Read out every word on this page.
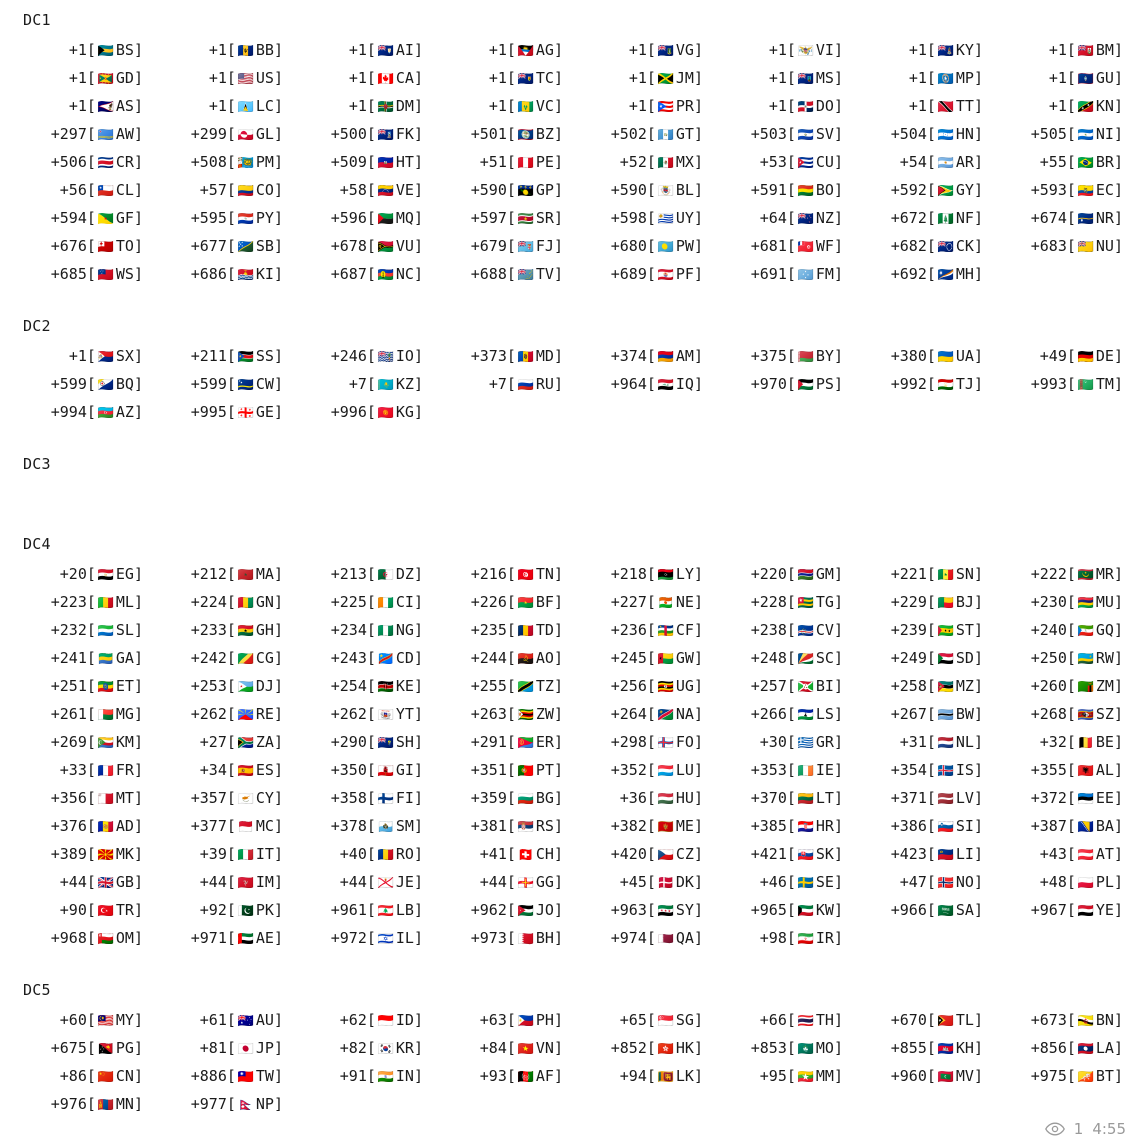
DC1
+1[ 🇧🇸 BS]	+1[ 🇧🇧 BB]	+1[ 🇦🇮 AI]	+1[ 🇦🇬 AG]	+1[ 🇻🇬 VG]	+1[ 🇻🇮 VI]	+1[ 🇰🇾 KY]	+1[ 🇧🇲 BM]
+1[ 🇬🇩 GD]	+1[ 🇺🇸 US]	+1[ 🇨🇦 CA]	+1[ 🇹🇨 TC]	+1[ 🇯🇲 JM]	+1[ 🇲🇸 MS]	+1[ 🇲🇵 MP]	+1[ 🇬🇺 GU]
+1[ 🇦🇸 AS]	+1[ 🇱🇨 LC]	+1[ 🇩🇲 DM]	+1[ 🇻🇨 VC]	+1[ 🇵🇷 PR]	+1[ 🇩🇴 DO]	+1[ 🇹🇹 TT]	+1[ 🇰🇳 KN]
+297[ 🇦🇼 AW]	+299[ 🇬🇱 GL]	+500[ 🇫🇰 FK]	+501[ 🇧🇿 BZ]	+502[ 🇬🇹 GT]	+503[ 🇸🇻 SV]	+504[ 🇭🇳 HN]	+505[ 🇳🇮 NI]
+506[ 🇨🇷 CR]	+508[ 🇵🇲 PM]	+509[ 🇭🇹 HT]	+51[ 🇵🇪 PE]	+52[ 🇲🇽 MX]	+53[ 🇨🇺 CU]	+54[ 🇦🇷 AR]	+55[ 🇧🇷 BR]
+56[ 🇨🇱 CL]	+57[ 🇨🇴 CO]	+58[ 🇻🇪 VE]	+590[ 🇬🇵 GP]	+590[ 🇧🇱 BL]	+591[ 🇧🇴 BO]	+592[ 🇬🇾 GY]	+593[ 🇪🇨 EC]
+594[ 🇬🇫 GF]	+595[ 🇵🇾 PY]	+596[ 🇲🇶 MQ]	+597[ 🇸🇷 SR]	+598[ 🇺🇾 UY]	+64[ 🇳🇿 NZ]	+672[ 🇳🇫 NF]	+674[ 🇳🇷 NR]
+676[ 🇹🇴 TO]	+677[ 🇸🇧 SB]	+678[ 🇻🇺 VU]	+679[ 🇫🇯 FJ]	+680[ 🇵🇼 PW]	+681[ 🇼🇫 WF]	+682[ 🇨🇰 CK]	+683[ 🇳🇺 NU]
+685[ 🇼🇸 WS]	+686[ 🇰🇮 KI]	+687[ 🇳🇨 NC]	+688[ 🇹🇻 TV]	+689[ 🇵🇫 PF]	+691[ 🇫🇲 FM]	+692[ 🇲🇭 MH]
DC2
+1[ 🇸🇽 SX]	+211[ 🇸🇸 SS]	+246[ 🇮🇴 IO]	+373[ 🇲🇩 MD]	+374[ 🇦🇲 AM]	+375[ 🇧🇾 BY]	+380[ 🇺🇦 UA]	+49[ 🇩🇪 DE]
+599[ 🇧🇶 BQ]	+599[ 🇨🇼 CW]	+7[ 🇰🇿 KZ]	+7[ 🇷🇺 RU]	+964[ 🇮🇶 IQ]	+970[ 🇵🇸 PS]	+992[ 🇹🇯 TJ]	+993[ 🇹🇲 TM]
+994[ 🇦🇿 AZ]	+995[ 🇬🇪 GE]	+996[ 🇰🇬 KG]
DC3
DC4
+20[ 🇪🇬 EG]	+212[ 🇲🇦 MA]	+213[ 🇩🇿 DZ]	+216[ 🇹🇳 TN]	+218[ 🇱🇾 LY]	+220[ 🇬🇲 GM]	+221[ 🇸🇳 SN]	+222[ 🇲🇷 MR]
+223[ 🇲🇱 ML]	+224[ 🇬🇳 GN]	+225[ 🇨🇮 CI]	+226[ 🇧🇫 BF]	+227[ 🇳🇪 NE]	+228[ 🇹🇬 TG]	+229[ 🇧🇯 BJ]	+230[ 🇲🇺 MU]
+232[ 🇸🇱 SL]	+233[ 🇬🇭 GH]	+234[ 🇳🇬 NG]	+235[ 🇹🇩 TD]	+236[ 🇨🇫 CF]	+238[ 🇨🇻 CV]	+239[ 🇸🇹 ST]	+240[ 🇬🇶 GQ]
+241[ 🇬🇦 GA]	+242[ 🇨🇬 CG]	+243[ 🇨🇩 CD]	+244[ 🇦🇴 AO]	+245[ 🇬🇼 GW]	+248[ 🇸🇨 SC]	+249[ 🇸🇩 SD]	+250[ 🇷🇼 RW]
+251[ 🇪🇹 ET]	+253[ 🇩🇯 DJ]	+254[ 🇰🇪 KE]	+255[ 🇹🇿 TZ]	+256[ 🇺🇬 UG]	+257[ 🇧🇮 BI]	+258[ 🇲🇿 MZ]	+260[ 🇿🇲 ZM]
+261[ 🇲🇬 MG]	+262[ 🇷🇪 RE]	+262[ 🇾🇹 YT]	+263[ 🇿🇼 ZW]	+264[ 🇳🇦 NA]	+266[ 🇱🇸 LS]	+267[ 🇧🇼 BW]	+268[ 🇸🇿 SZ]
+269[ 🇰🇲 KM]	+27[ 🇿🇦 ZA]	+290[ 🇸🇭 SH]	+291[ 🇪🇷 ER]	+298[ 🇫🇴 FO]	+30[ 🇬🇷 GR]	+31[ 🇳🇱 NL]	+32[ 🇧🇪 BE]
+33[ 🇫🇷 FR]	+34[ 🇪🇸 ES]	+350[ 🇬🇮 GI]	+351[ 🇵🇹 PT]	+352[ 🇱🇺 LU]	+353[ 🇮🇪 IE]	+354[ 🇮🇸 IS]	+355[ 🇦🇱 AL]
+356[ 🇲🇹 MT]	+357[ 🇨🇾 CY]	+358[ 🇫🇮 FI]	+359[ 🇧🇬 BG]	+36[ 🇭🇺 HU]	+370[ 🇱🇹 LT]	+371[ 🇱🇻 LV]	+372[ 🇪🇪 EE]
+376[ 🇦🇩 AD]	+377[ 🇲🇨 MC]	+378[ 🇸🇲 SM]	+381[ 🇷🇸 RS]	+382[ 🇲🇪 ME]	+385[ 🇭🇷 HR]	+386[ 🇸🇮 SI]	+387[ 🇧🇦 BA]
+389[ 🇲🇰 MK]	+39[ 🇮🇹 IT]	+40[ 🇷🇴 RO]	+41[ 🇨🇭 CH]	+420[ 🇨🇿 CZ]	+421[ 🇸🇰 SK]	+423[ 🇱🇮 LI]	+43[ 🇦🇹 AT]
+44[ 🇬🇧 GB]	+44[ 🇮🇲 IM]	+44[ 🇯🇪 JE]	+44[ 🇬🇬 GG]	+45[ 🇩🇰 DK]	+46[ 🇸🇪 SE]	+47[ 🇳🇴 NO]	+48[ 🇵🇱 PL]
+90[ 🇹🇷 TR]	+92[ 🇵🇰 PK]	+961[ 🇱🇧 LB]	+962[ 🇯🇴 JO]	+963[ 🇸🇾 SY]	+965[ 🇰🇼 KW]	+966[ 🇸🇦 SA]	+967[ 🇾🇪 YE]
+968[ 🇴🇲 OM]	+971[ 🇦🇪 AE]	+972[ 🇮🇱 IL]	+973[ 🇧🇭 BH]	+974[ 🇶🇦 QA]	+98[ 🇮🇷 IR]
DC5
+60[ 🇲🇾 MY]	+61[ 🇦🇺 AU]	+62[ 🇮🇩 ID]	+63[ 🇵🇭 PH]	+65[ 🇸🇬 SG]	+66[ 🇹🇭 TH]	+670[ 🇹🇱 TL]	+673[ 🇧🇳 BN]
+675[ 🇵🇬 PG]	+81[ 🇯🇵 JP]	+82[ 🇰🇷 KR]	+84[ 🇻🇳 VN]	+852[ 🇭🇰 HK]	+853[ 🇲🇴 MO]	+855[ 🇰🇭 KH]	+856[ 🇱🇦 LA]
+86[ 🇨🇳 CN]	+886[ 🇹🇼 TW]	+91[ 🇮🇳 IN]	+93[ 🇦🇫 AF]	+94[ 🇱🇰 LK]	+95[ 🇲🇲 MM]	+960[ 🇲🇻 MV]	+975[ 🇧🇹 BT]
+976[ 🇲🇳 MN]	+977[ 🇳🇵 NP]
1 4:55
